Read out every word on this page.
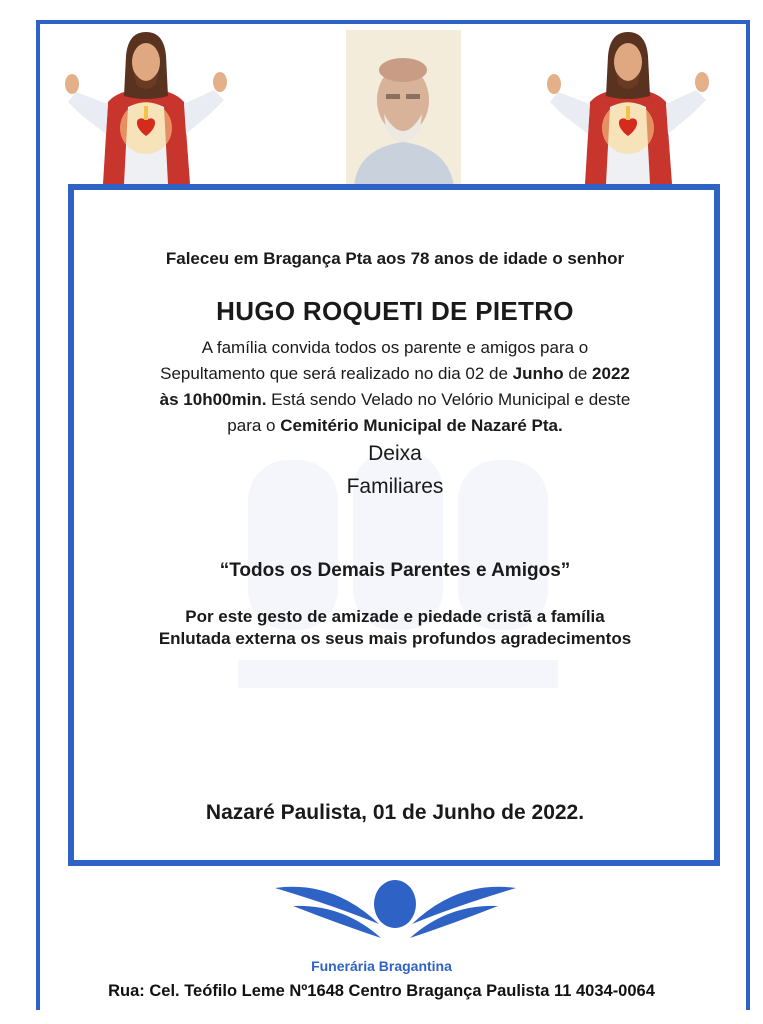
Faleceu em Bragança Pta aos 78 anos de idade o senhor
HUGO ROQUETI DE PIETRO
A família convida todos os parente e amigos para o
Sepultamento que será realizado no dia 02 de Junho de 2022
às 10h00min. Está sendo Velado no Velório Municipal e deste
para o Cemitério Municipal de Nazaré Pta.
Deixa
Familiares
“Todos os Demais Parentes e Amigos”
Por este gesto de amizade e piedade cristã a família
Enlutada externa os seus mais profundos agradecimentos
Nazaré Paulista, 01 de Junho de 2022.
Funerária Bragantina
Rua: Cel. Teófilo Leme Nº1648 Centro Bragança Paulista 11 4034-0064
